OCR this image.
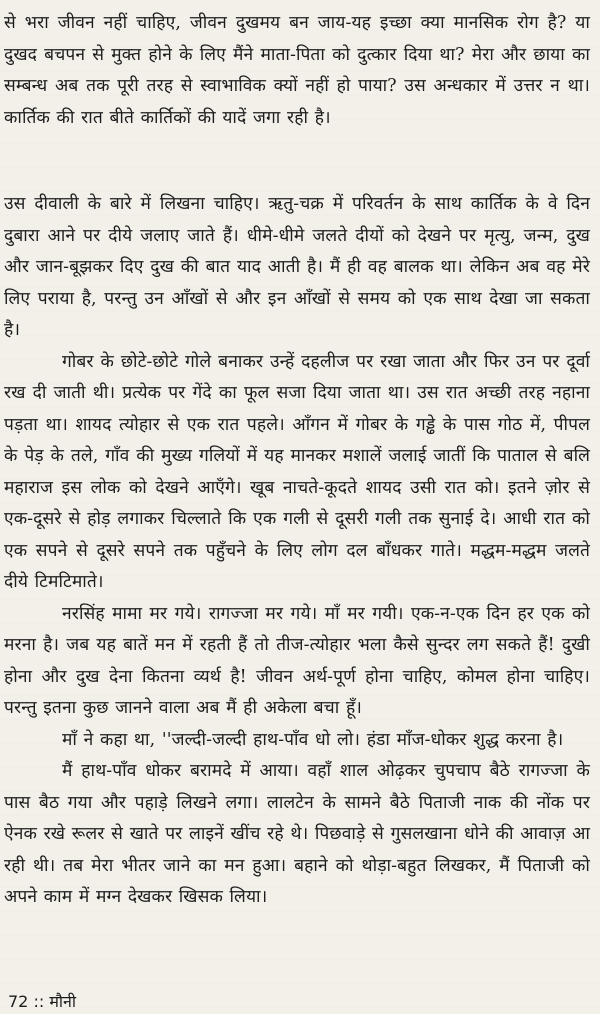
से भरा जीवन नहीं चाहिए, जीवन दुखमय बन जाय-यह इच्छा क्या मानसिक रोग है? या दुखद बचपन से मुक्त होने के लिए मैंने माता-पिता को दुत्कार दिया था? मेरा और छाया का सम्बन्ध अब तक पूरी तरह से स्वाभाविक क्यों नहीं हो पाया? उस अन्धकार में उत्तर न था। कार्तिक की रात बीते कार्तिकों की यादें जगा रही है।

उस दीवाली के बारे में लिखना चाहिए। ऋतु-चक्र में परिवर्तन के साथ कार्तिक के वे दिन दुबारा आने पर दीये जलाए जाते हैं। धीमे-धीमे जलते दीयों को देखने पर मृत्यु, जन्म, दुख और जान-बूझकर दिए दुख की बात याद आती है। मैं ही वह बालक था। लेकिन अब वह मेरे लिए पराया है, परन्तु उन आँखों से और इन आँखों से समय को एक साथ देखा जा सकता है।

गोबर के छोटे-छोटे गोले बनाकर उन्हें दहलीज पर रखा जाता और फिर उन पर दूर्वा रख दी जाती थी। प्रत्येक पर गेंदे का फूल सजा दिया जाता था। उस रात अच्छी तरह नहाना पड़ता था। शायद त्योहार से एक रात पहले। आँगन में गोबर के गड्ढे के पास गोठ में, पीपल के पेड़ के तले, गाँव की मुख्य गलियों में यह मानकर मशालें जलाई जातीं कि पाताल से बलि महाराज इस लोक को देखने आएँगे। खूब नाचते-कूदते शायद उसी रात को। इतने ज़ोर से एक-दूसरे से होड़ लगाकर चिल्लाते कि एक गली से दूसरी गली तक सुनाई दे। आधी रात को एक सपने से दूसरे सपने तक पहुँचने के लिए लोग दल बाँधकर गाते। मद्धम-मद्धम जलते दीये टिमटिमाते।

नरसिंह मामा मर गये। रागज्जा मर गये। माँ मर गयी। एक-न-एक दिन हर एक को मरना है। जब यह बातें मन में रहती हैं तो तीज-त्योहार भला कैसे सुन्दर लग सकते हैं! दुखी होना और दुख देना कितना व्यर्थ है! जीवन अर्थ-पूर्ण होना चाहिए, कोमल होना चाहिए। परन्तु इतना कुछ जानने वाला अब मैं ही अकेला बचा हूँ।

माँ ने कहा था, ''जल्दी-जल्दी हाथ-पाँव धो लो। हंडा माँज-धोकर शुद्ध करना है।

मैं हाथ-पाँव धोकर बरामदे में आया। वहाँ शाल ओढ़कर चुपचाप बैठे रागज्जा के पास बैठ गया और पहाड़े लिखने लगा। लालटेन के सामने बैठे पिताजी नाक की नोंक पर ऐनक रखे रूलर से खाते पर लाइनें खींच रहे थे। पिछवाड़े से गुसलखाना धोने की आवाज़ आ रही थी। तब मेरा भीतर जाने का मन हुआ। बहाने को थोड़ा-बहुत लिखकर, मैं पिताजी को अपने काम में मग्न देखकर खिसक लिया।

72 :: मौनी
